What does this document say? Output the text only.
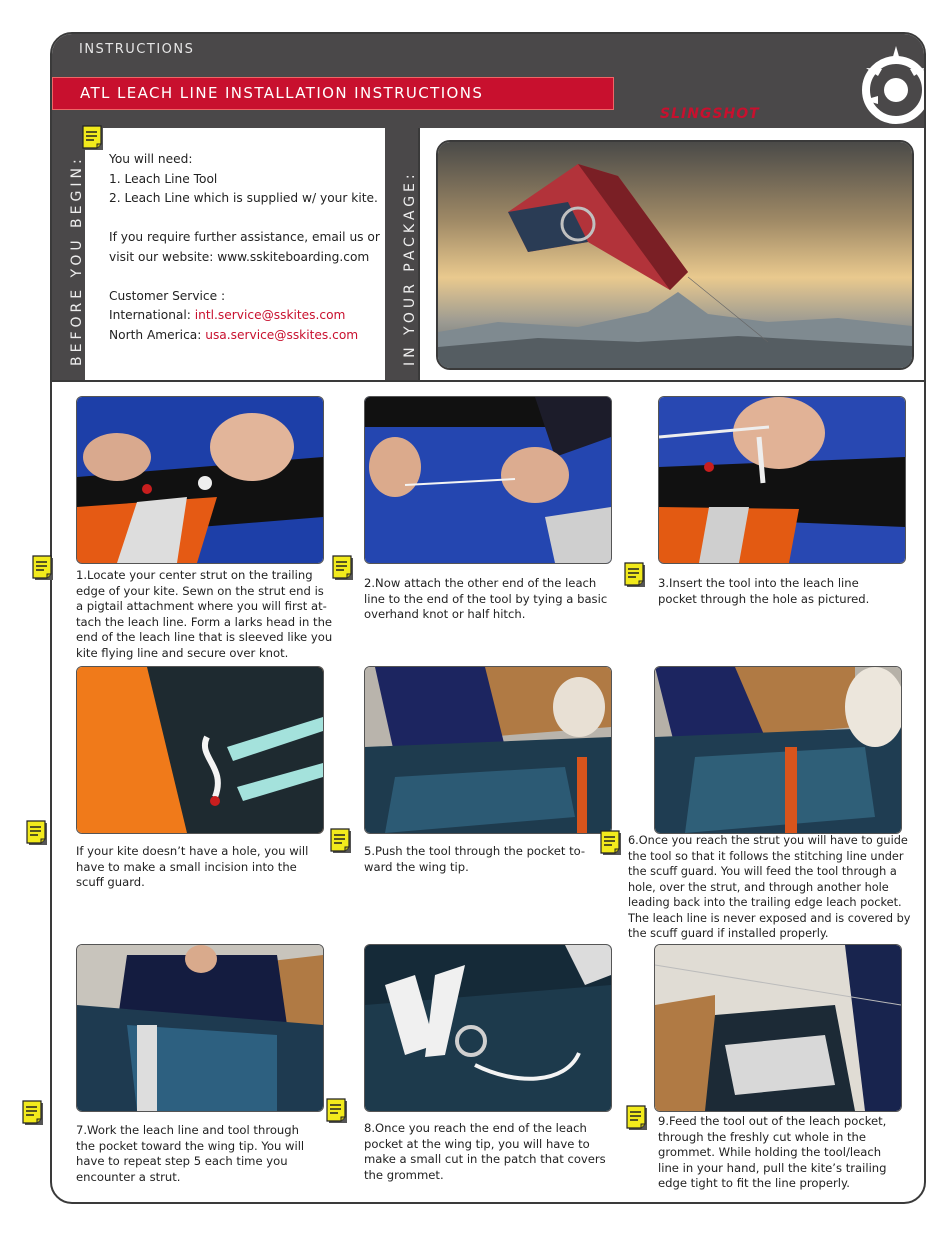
INSTRUCTIONS
ATL LEACH LINE INSTALLATION INSTRUCTIONS
SLINGSHOT
BEFORE YOU BEGIN: You will need:
1. Leach Line Tool
2. Leach Line which is supplied w/ your kite.
If you require further assistance, email us or
visit our website: www.sskiteboarding.com
Customer Service :
International: intl.service@sskites.com
North America: usa.service@sskites.com	IN YOUR PACKAGE:
1.Locate your center strut on the trailing
edge of your kite. Sewn on the strut end is
a pigtail attachment where you will first at-
tach the leach line. Form a larks head in the
end of the leach line that is sleeved like you
kite flying line and secure over knot.
2.Now attach the other end of the leach
line to the end of the tool by tying a basic
overhand knot or half hitch.
3.Insert the tool into the leach line
pocket through the hole as pictured.
If your kite doesn’t have a hole, you will
have to make a small incision into the
scuff guard.
5.Push the tool through the pocket to-
ward the wing tip.
6.Once you reach the strut you will have to guide
the tool so that it follows the stitching line under
the scuff guard. You will feed the tool through a
hole, over the strut, and through another hole
leading back into the trailing edge leach pocket.
The leach line is never exposed and is covered by
the scuff guard if installed properly.
7.Work the leach line and tool through
the pocket toward the wing tip. You will
have to repeat step 5 each time you
encounter a strut.
8.Once you reach the end of the leach
pocket at the wing tip, you will have to
make a small cut in the patch that covers
the grommet.
9.Feed the tool out of the leach pocket,
through the freshly cut whole in the
grommet. While holding the tool/leach
line in your hand, pull the kite’s trailing
edge tight to fit the line properly.
